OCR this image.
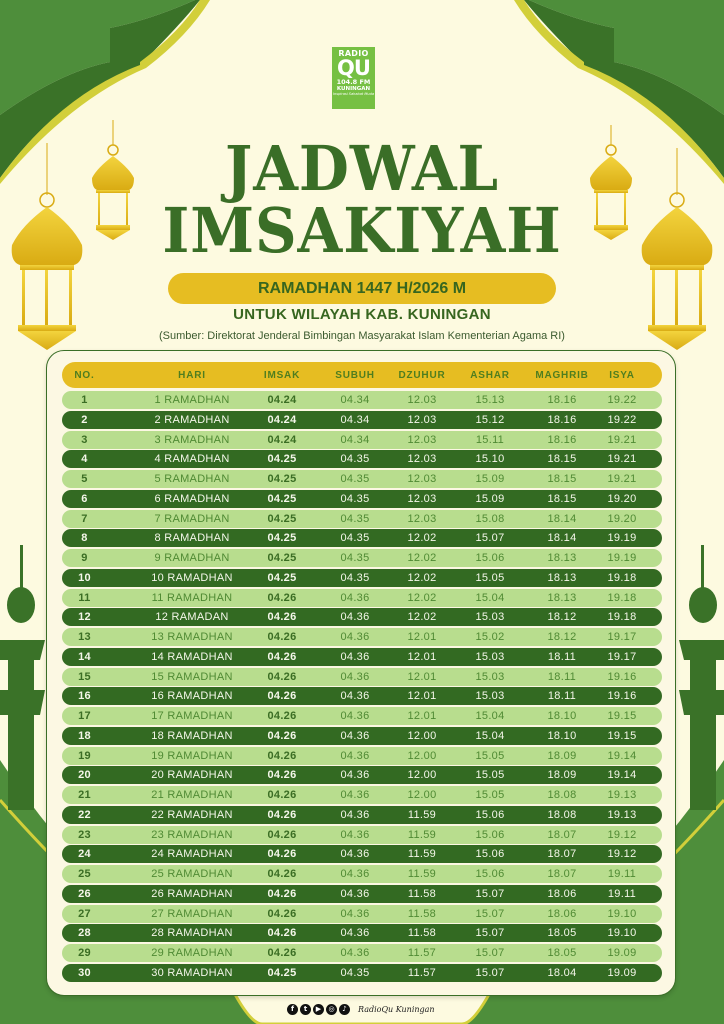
RADIO
QU
104.8 FM
KUNINGAN
Inspirasi Sahabat Muda
JADWAL
IMSAKIYAH
RAMADHAN 1447 H/2026 M
UNTUK WILAYAH KAB. KUNINGAN
(Sumber: Direktorat Jenderal Bimbingan Masyarakat Islam Kementerian Agama RI)
NO.	HARI	IMSAK	SUBUH	DZUHUR	ASHAR	MAGHRIB	ISYA
1	1 RAMADHAN	04.24	04.34	12.03	15.13	18.16	19.22
2	2 RAMADHAN	04.24	04.34	12.03	15.12	18.16	19.22
3	3 RAMADHAN	04.24	04.34	12.03	15.11	18.16	19.21
4	4 RAMADHAN	04.25	04.35	12.03	15.10	18.15	19.21
5	5 RAMADHAN	04.25	04.35	12.03	15.09	18.15	19.21
6	6 RAMADHAN	04.25	04.35	12.03	15.09	18.15	19.20
7	7 RAMADHAN	04.25	04.35	12.03	15.08	18.14	19.20
8	8 RAMADHAN	04.25	04.35	12.02	15.07	18.14	19.19
9	9 RAMADHAN	04.25	04.35	12.02	15.06	18.13	19.19
10	10 RAMADHAN	04.25	04.35	12.02	15.05	18.13	19.18
11	11 RAMADHAN	04.26	04.36	12.02	15.04	18.13	19.18
12	12 RAMADAN	04.26	04.36	12.02	15.03	18.12	19.18
13	13 RAMADHAN	04.26	04.36	12.01	15.02	18.12	19.17
14	14 RAMADHAN	04.26	04.36	12.01	15.03	18.11	19.17
15	15 RAMADHAN	04.26	04.36	12.01	15.03	18.11	19.16
16	16 RAMADHAN	04.26	04.36	12.01	15.03	18.11	19.16
17	17 RAMADHAN	04.26	04.36	12.01	15.04	18.10	19.15
18	18 RAMADHAN	04.26	04.36	12.00	15.04	18.10	19.15
19	19 RAMADHAN	04.26	04.36	12.00	15.05	18.09	19.14
20	20 RAMADHAN	04.26	04.36	12.00	15.05	18.09	19.14
21	21 RAMADHAN	04.26	04.36	12.00	15.05	18.08	19.13
22	22 RAMADHAN	04.26	04.36	11.59	15.06	18.08	19.13
23	23 RAMADHAN	04.26	04.36	11.59	15.06	18.07	19.12
24	24 RAMADHAN	04.26	04.36	11.59	15.06	18.07	19.12
25	25 RAMADHAN	04.26	04.36	11.59	15.06	18.07	19.11
26	26 RAMADHAN	04.26	04.36	11.58	15.07	18.06	19.11
27	27 RAMADHAN	04.26	04.36	11.58	15.07	18.06	19.10
28	28 RAMADHAN	04.26	04.36	11.58	15.07	18.05	19.10
29	29 RAMADHAN	04.26	04.36	11.57	15.07	18.05	19.09
30	30 RAMADHAN	04.25	04.35	11.57	15.07	18.04	19.09
f	t	▶	◎	♪	RadioQu Kuningan
